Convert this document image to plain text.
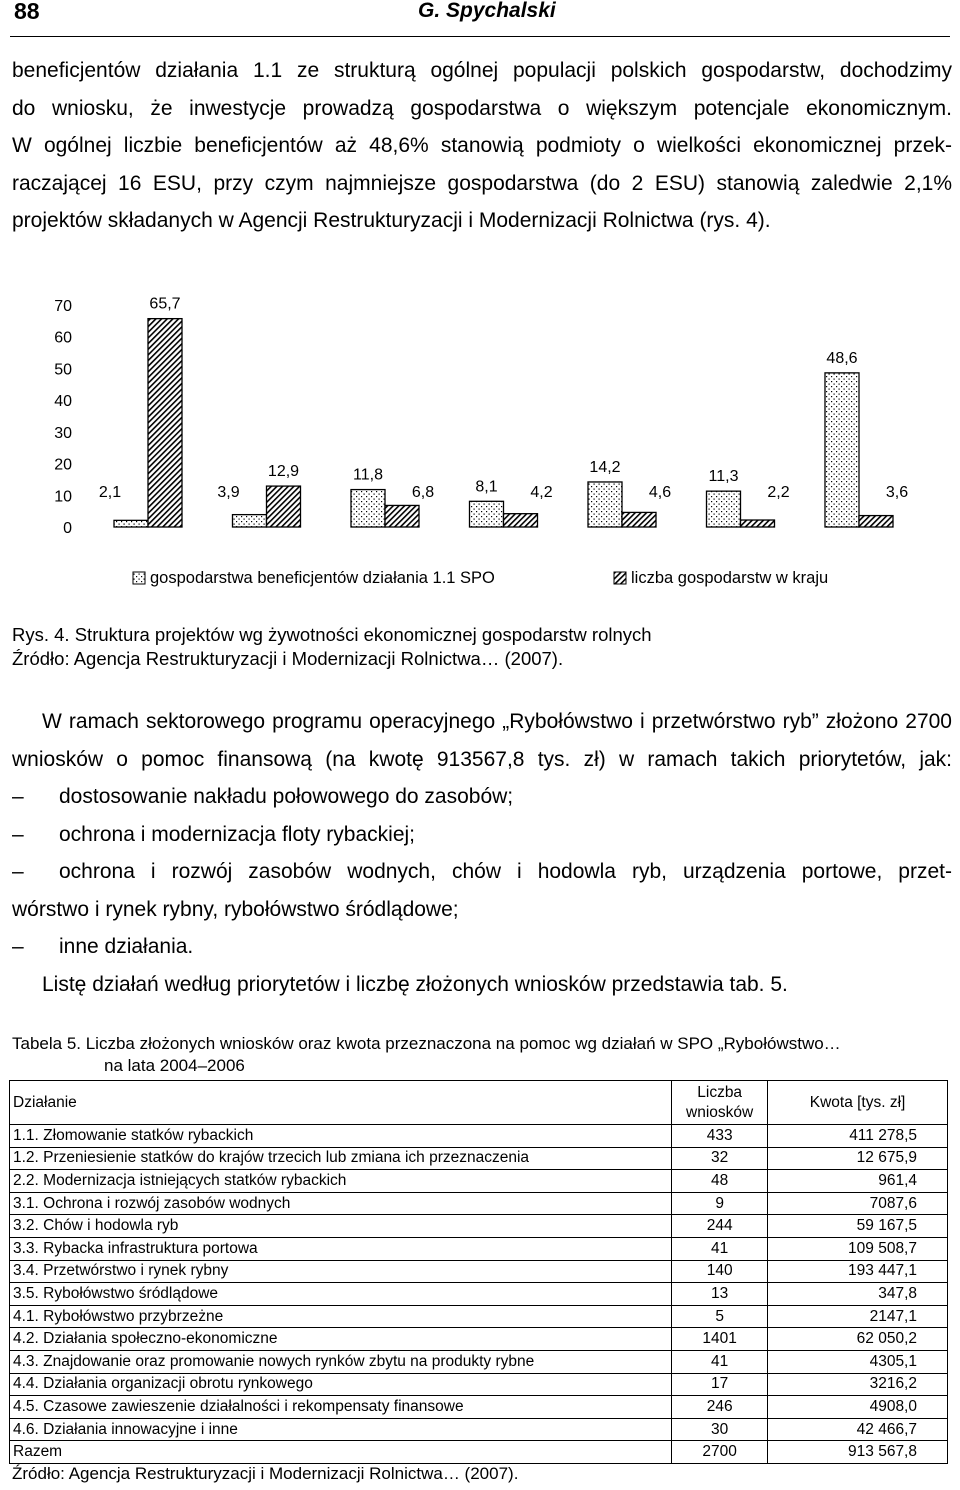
88	G. Spychalski

beneficjentów działania 1.1 ze strukturą ogólnej populacji polskich gospodarstw, dochodzimy

do wniosku, że inwestycje prowadzą gospodarstwa o większym potencjale ekonomicznym.

W ogólnej liczbie beneficjentów aż 48,6% stanowią podmioty o wielkości ekonomicznej przek-

raczającej 16 ESU, przy czym najmniejsze gospodarstwa (do 2 ESU) stanowią zaledwie 2,1%

projektów składanych w Agencji Restrukturyzacji i Modernizacji Rolnictwa (rys. 4).

0
10
20
30
40
50
60
70
2,1
65,7
3,9
12,9	11,8
6,8	8,1 4,2
14,2
4,6
11,3
2,2
48,6
3,6
gospodarstwa beneficjentów działania 1.1 SPO	liczba gospodarstw w kraju
Rys. 4. Struktura projektów wg żywotności ekonomicznej gospodarstw rolnych
Źródło: Agencja Restrukturyzacji i Modernizacji Rolnictwa… (2007).

W ramach sektorowego programu operacyjnego „Rybołówstwo i przetwórstwo ryb” złożono 2700

wniosków o pomoc finansową (na kwotę 913567,8 tys. zł) w ramach takich priorytetów, jak:

– dostosowanie nakładu połowowego do zasobów;

– ochrona i modernizacja floty rybackiej;

– ochrona i rozwój zasobów wodnych, chów i hodowla ryb, urządzenia portowe, przet-

wórstwo i rynek rybny, rybołówstwo śródlądowe;

– inne działania.

Listę działań według priorytetów i liczbę złożonych wniosków przedstawia tab. 5.

Tabela 5. Liczba złożonych wniosków oraz kwota przeznaczona na pomoc wg działań w SPO „Rybołówstwo…
na lata 2004–2006
Działanie	Liczba wniosków	Kwota [tys. zł]
1.1. Złomowanie statków rybackich	433	411 278,5
1.2. Przeniesienie statków do krajów trzecich lub zmiana ich przeznaczenia	32	12 675,9
2.2. Modernizacja istniejących statków rybackich	48	961,4
3.1. Ochrona i rozwój zasobów wodnych	9	7087,6
3.2. Chów i hodowla ryb	244	59 167,5
3.3. Rybacka infrastruktura portowa	41	109 508,7
3.4. Przetwórstwo i rynek rybny	140	193 447,1
3.5. Rybołówstwo śródlądowe	13	347,8
4.1. Rybołówstwo przybrzeżne	5	2147,1
4.2. Działania społeczno-ekonomiczne	1401	62 050,2
4.3. Znajdowanie oraz promowanie nowych rynków zbytu na produkty rybne	41	4305,1
4.4. Działania organizacji obrotu rynkowego	17	3216,2
4.5. Czasowe zawieszenie działalności i rekompensaty finansowe	246	4908,0
4.6. Działania innowacyjne i inne	30	42 466,7
Razem	2700	913 567,8
Źródło: Agencja Restrukturyzacji i Modernizacji Rolnictwa… (2007).
